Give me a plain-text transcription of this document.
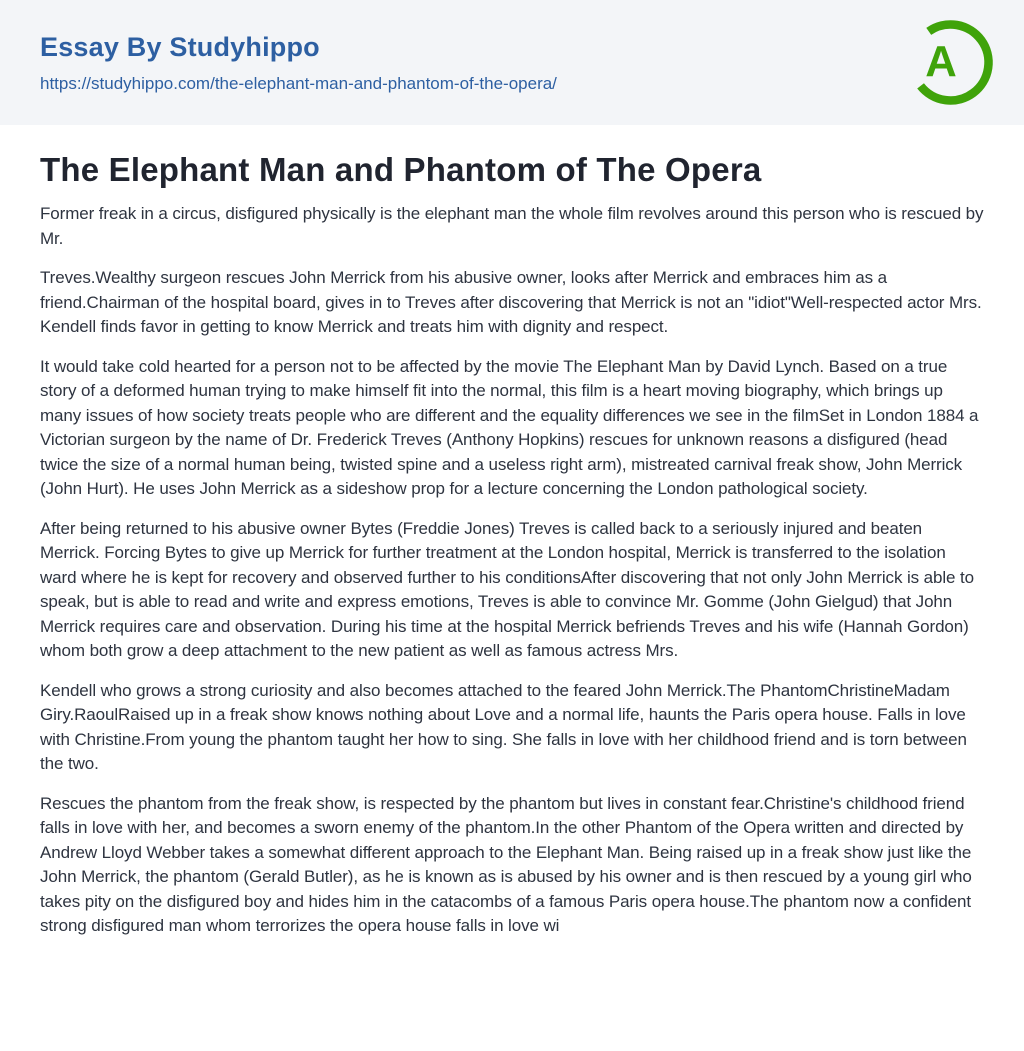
Essay By Studyhippo
https://studyhippo.com/the-elephant-man-and-phantom-of-the-opera/	A
The Elephant Man and Phantom of The Opera

Former freak in a circus, disfigured physically is the elephant man the whole film revolves around this person who is rescued by Mr.

Treves.Wealthy surgeon rescues John Merrick from his abusive owner, looks after Merrick and embraces him as a friend.Chairman of the hospital board, gives in to Treves after discovering that Merrick is not an "idiot"Well-respected actor Mrs. Kendell finds favor in getting to know Merrick and treats him with dignity and respect.

It would take cold hearted for a person not to be affected by the movie The Elephant Man by David Lynch. Based on a true story of a deformed human trying to make himself fit into the normal, this film is a heart moving biography, which brings up many issues of how society treats people who are different and the equality differences we see in the filmSet in London 1884 a Victorian surgeon by the name of Dr. Frederick Treves (Anthony Hopkins) rescues for unknown reasons a disfigured (head twice the size of a normal human being, twisted spine and a useless right arm), mistreated carnival freak show, John Merrick (John Hurt). He uses John Merrick as a sideshow prop for a lecture concerning the London pathological society.

After being returned to his abusive owner Bytes (Freddie Jones) Treves is called back to a seriously injured and beaten Merrick. Forcing Bytes to give up Merrick for further treatment at the London hospital, Merrick is transferred to the isolation ward where he is kept for recovery and observed further to his conditionsAfter discovering that not only John Merrick is able to speak, but is able to read and write and express emotions, Treves is able to convince Mr. Gomme (John Gielgud) that John Merrick requires care and observation. During his time at the hospital Merrick befriends Treves and his wife (Hannah Gordon) whom both grow a deep attachment to the new patient as well as famous actress Mrs.

Kendell who grows a strong curiosity and also becomes attached to the feared John Merrick.The PhantomChristineMadam Giry.RaoulRaised up in a freak show knows nothing about Love and a normal life, haunts the Paris opera house. Falls in love with Christine.From young the phantom taught her how to sing. She falls in love with her childhood friend and is torn between the two.

Rescues the phantom from the freak show, is respected by the phantom but lives in constant fear.Christine's childhood friend falls in love with her, and becomes a sworn enemy of the phantom.In the other Phantom of the Opera written and directed by Andrew Lloyd Webber takes a somewhat different approach to the Elephant Man. Being raised up in a freak show just like the John Merrick, the phantom (Gerald Butler), as he is known as is abused by his owner and is then rescued by a young girl who takes pity on the disfigured boy and hides him in the catacombs of a famous Paris opera house.The phantom now a confident strong disfigured man whom terrorizes the opera house falls in love wi
